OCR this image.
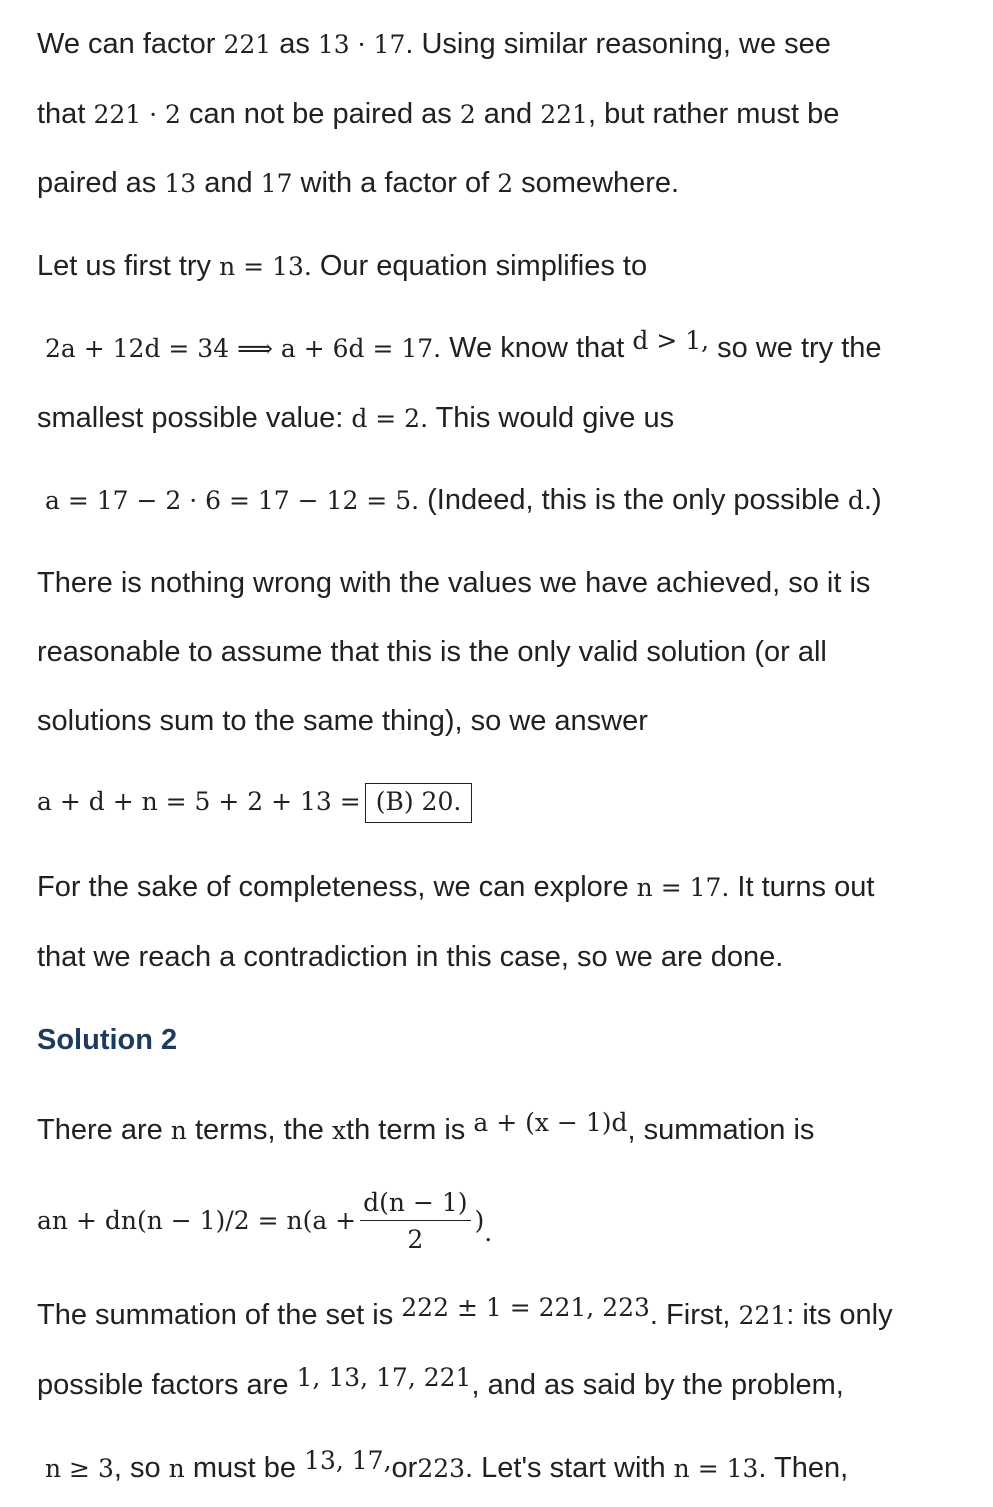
We can factor 221 as 13 · 17. Using similar reasoning, we see
that 221 · 2 can not be paired as 2 and 221, but rather must be
paired as 13 and 17 with a factor of 2 somewhere.
Let us first try n = 13. Our equation simplifies to
2a + 12d = 34 ⟹ a + 6d = 17. We know that d > 1, so we try the
smallest possible value: d = 2. This would give us
a = 17 − 2 · 6 = 17 − 12 = 5. (Indeed, this is the only possible d.)
There is nothing wrong with the values we have achieved, so it is
reasonable to assume that this is the only valid solution (or all
solutions sum to the same thing), so we answer
a + d + n = 5 + 2 + 13 = (B) 20.
For the sake of completeness, we can explore n = 17. It turns out
that we reach a contradiction in this case, so we are done.
Solution 2
There are n terms, the xth term is a + (x − 1)d, summation is
an + $dn(n - 1)/2 = n(a + \frac{d(n - 1)}{2}$ ).
The summation of the set is 222 ± 1 = 221, 223. First, 221: its only
possible factors are 1, 13, 17, 221, and as said by the problem,
n ≥ 3, so n must be 13, 17,or223. Let's start with n = 13. Then,
